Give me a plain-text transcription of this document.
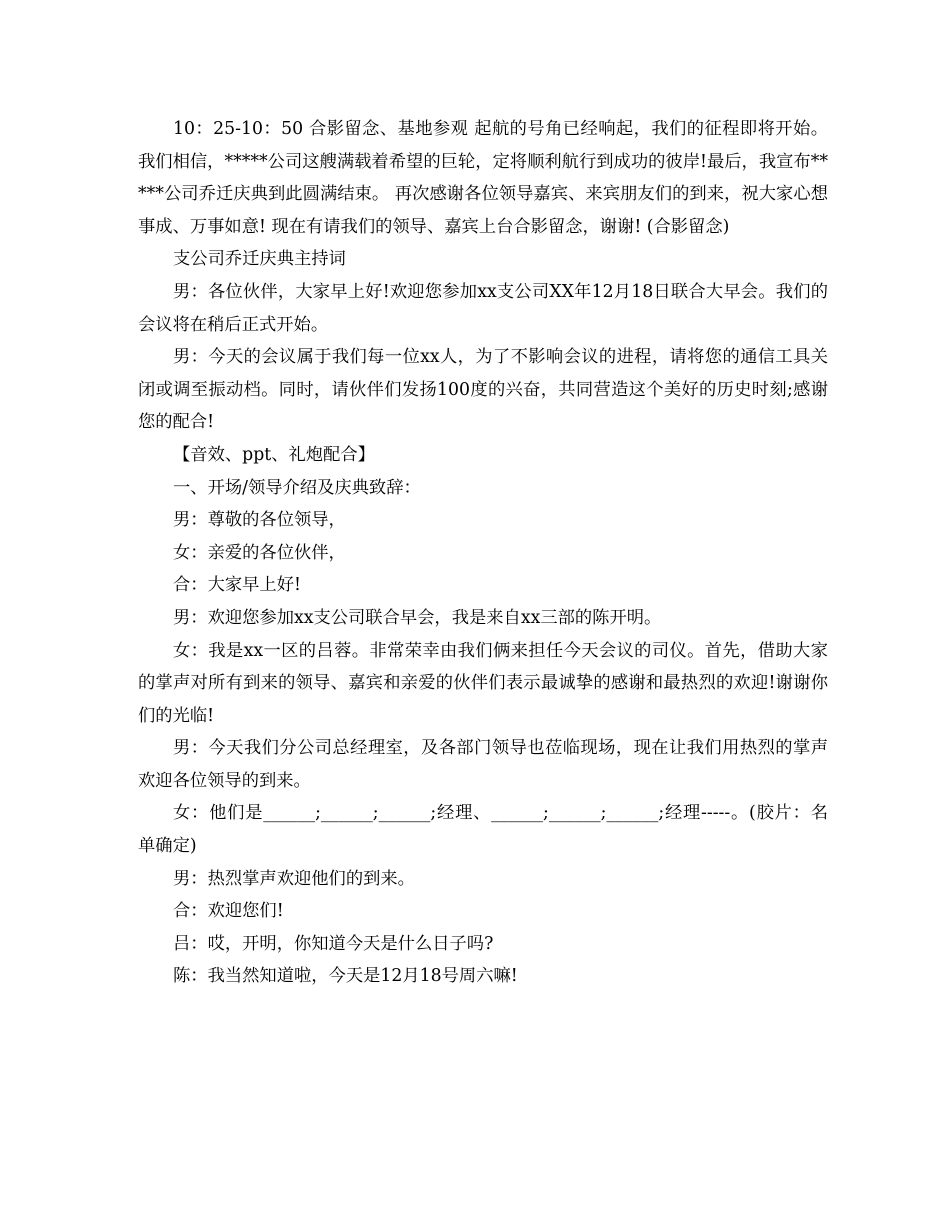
10：25-10：50 合影留念、基地参观 起航的号角已经响起，我们的征程即将开始。我们相信，*****公司这艘满载着希望的巨轮，定将顺利航行到成功的彼岸!最后，我宣布*****公司乔迁庆典到此圆满结束。 再次感谢各位领导嘉宾、来宾朋友们的到来，祝大家心想事成、万事如意! 现在有请我们的领导、嘉宾上台合影留念，谢谢! (合影留念)

支公司乔迁庆典主持词

男：各位伙伴，大家早上好!欢迎您参加xx支公司XX年12月18日联合大早会。我们的会议将在稍后正式开始。

男：今天的会议属于我们每一位xx人，为了不影响会议的进程，请将您的通信工具关闭或调至振动档。同时，请伙伴们发扬100度的兴奋，共同营造这个美好的历史时刻;感谢您的配合!

【音效、ppt、礼炮配合】

一、开场/领导介绍及庆典致辞：

男：尊敬的各位领导，

女：亲爱的各位伙伴，

合：大家早上好!

男：欢迎您参加xx支公司联合早会，我是来自xx三部的陈开明。

女：我是xx一区的吕蓉。非常荣幸由我们俩来担任今天会议的司仪。首先，借助大家的掌声对所有到来的领导、嘉宾和亲爱的伙伴们表示最诚挚的感谢和最热烈的欢迎!谢谢你们的光临!

男：今天我们分公司总经理室，及各部门领导也莅临现场，现在让我们用热烈的掌声欢迎各位领导的到来。

女：他们是______;______;______;经理、______;______;______;经理-----。(胶片：名单确定)

男：热烈掌声欢迎他们的到来。

合：欢迎您们!

吕：哎，开明，你知道今天是什么日子吗?

陈：我当然知道啦，今天是12月18号周六嘛!
